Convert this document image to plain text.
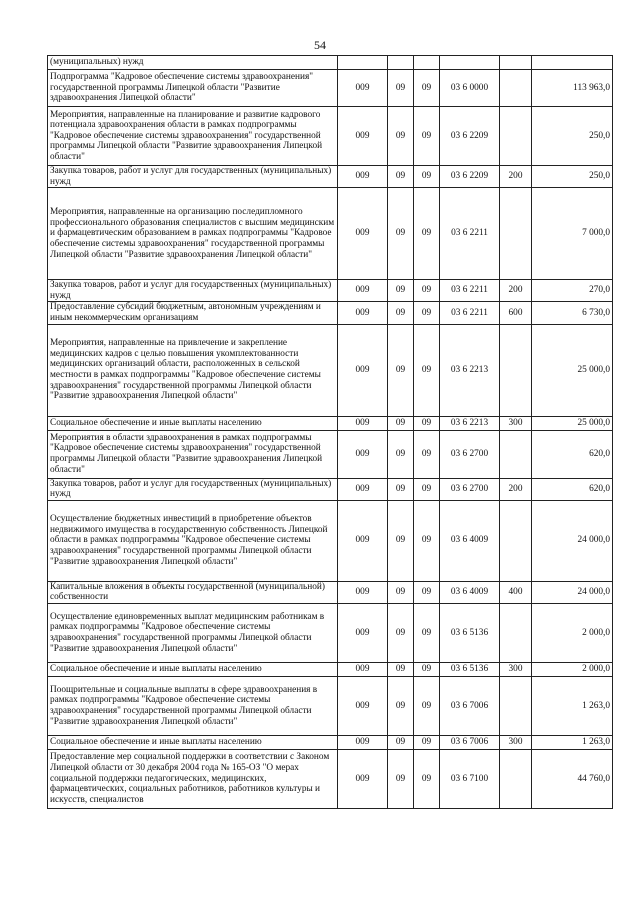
54
(муниципальных) нужд						
Подпрограмма "Кадровое обеспечение системы здравоохранения" государственной программы Липецкой области "Развитие здравоохранения Липецкой области"	009	09	09	03 6 0000		113 963,0
Мероприятия, направленные на планирование и развитие кадрового потенциала здравоохранения области в рамках подпрограммы "Кадровое обеспечение системы здравоохранения" государственной программы Липецкой области "Развитие здравоохранения Липецкой области"	009	09	09	03 6 2209		250,0
Закупка товаров, работ и услуг для государственных (муниципальных) нужд	009	09	09	03 6 2209	200	250,0
Мероприятия, направленные на организацию последипломного профессионального образования специалистов с высшим медицинским и фармацевтическим образованием в рамках подпрограммы "Кадровое обеспечение системы здравоохранения" государственной программы Липецкой области "Развитие здравоохранения Липецкой области"	009	09	09	03 6 2211		7 000,0
Закупка товаров, работ и услуг для государственных (муниципальных) нужд	009	09	09	03 6 2211	200	270,0
Предоставление субсидий бюджетным, автономным учреждениям и иным некоммерческим организациям	009	09	09	03 6 2211	600	6 730,0
Мероприятия, направленные на привлечение и закрепление медицинских кадров с целью повышения укомплектованности медицинских организаций области, расположенных в сельской местности в рамках подпрограммы "Кадровое обеспечение системы здравоохранения" государственной программы Липецкой области "Развитие здравоохранения Липецкой области"	009	09	09	03 6 2213		25 000,0
Социальное обеспечение и иные выплаты населению	009	09	09	03 6 2213	300	25 000,0
Мероприятия в области здравоохранения в рамках подпрограммы "Кадровое обеспечение системы здравоохранения" государственной программы Липецкой области "Развитие здравоохранения Липецкой области"	009	09	09	03 6 2700		620,0
Закупка товаров, работ и услуг для государственных (муниципальных) нужд	009	09	09	03 6 2700	200	620,0
Осуществление бюджетных инвестиций в приобретение объектов недвижимого имущества в государственную собственность Липецкой области в рамках подпрограммы "Кадровое обеспечение системы здравоохранения" государственной программы Липецкой области "Развитие здравоохранения Липецкой области"	009	09	09	03 6 4009		24 000,0
Капитальные вложения в объекты государственной (муниципальной) собственности	009	09	09	03 6 4009	400	24 000,0
Осуществление единовременных выплат медицинским работникам в рамках подпрограммы "Кадровое обеспечение системы здравоохранения" государственной программы Липецкой области "Развитие здравоохранения Липецкой области"	009	09	09	03 6 5136		2 000,0
Социальное обеспечение и иные выплаты населению	009	09	09	03 6 5136	300	2 000,0
Поощрительные и социальные выплаты в сфере здравоохранения в рамках подпрограммы "Кадровое обеспечение системы здравоохранения" государственной программы Липецкой области "Развитие здравоохранения Липецкой области"	009	09	09	03 6 7006		1 263,0
Социальное обеспечение и иные выплаты населению	009	09	09	03 6 7006	300	1 263,0
Предоставление мер социальной поддержки в соответствии с Законом Липецкой области от 30 декабря 2004 года № 165-ОЗ "О мерах социальной поддержки педагогических, медицинских, фармацевтических, социальных работников, работников культуры и искусств, специалистов	009	09	09	03 6 7100		44 760,0
